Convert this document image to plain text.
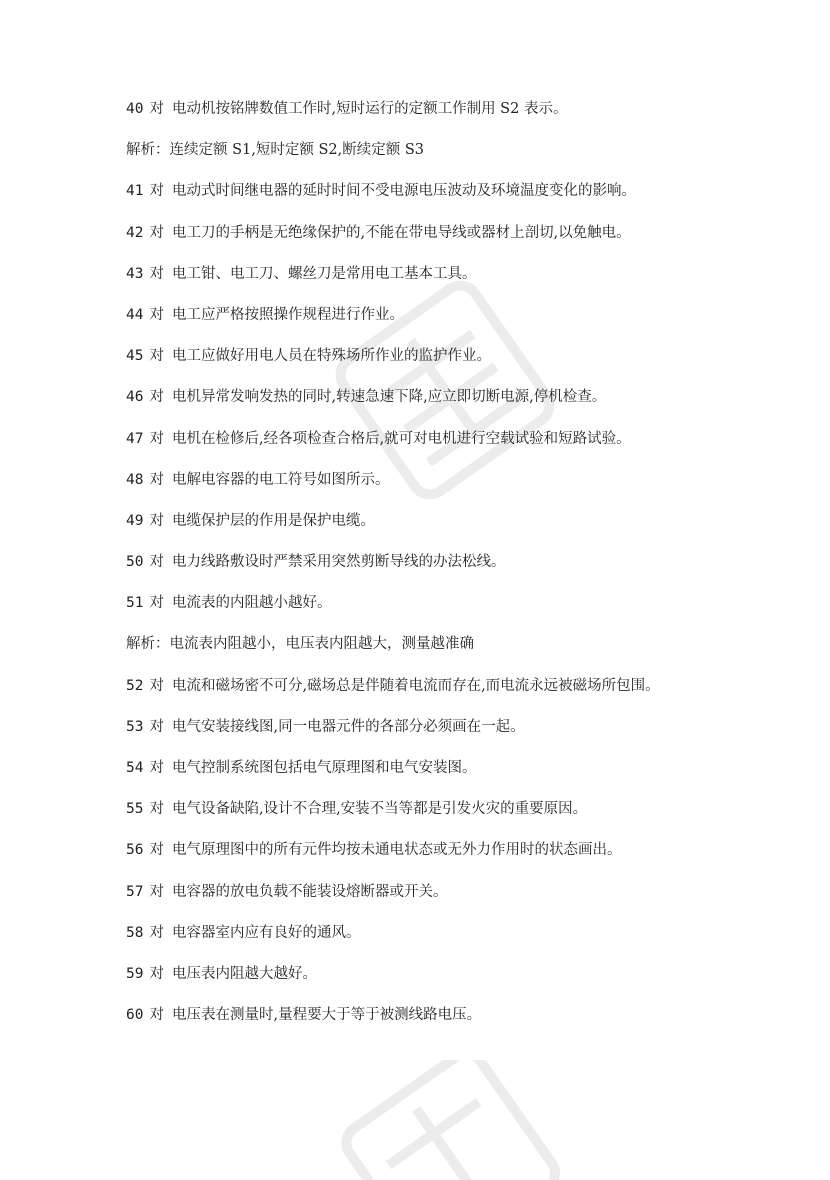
40 对 电动机按铭牌数值工作时,短时运行的定额工作制用 S2 表示。

解析：连续定额 S1,短时定额 S2,断续定额 S3

41 对 电动式时间继电器的延时时间不受电源电压波动及环境温度变化的影响。

42 对 电工刀的手柄是无绝缘保护的,不能在带电导线或器材上剖切,以免触电。

43 对 电工钳、电工刀、螺丝刀是常用电工基本工具。

44 对 电工应严格按照操作规程进行作业。

45 对 电工应做好用电人员在特殊场所作业的监护作业。

46 对 电机异常发响发热的同时,转速急速下降,应立即切断电源,停机检查。

47 对 电机在检修后,经各项检查合格后,就可对电机进行空载试验和短路试验。

48 对 电解电容器的电工符号如图所示。

49 对 电缆保护层的作用是保护电缆。

50 对 电力线路敷设时严禁采用突然剪断导线的办法松线。

51 对 电流表的内阻越小越好。

解析：电流表内阻越小，电压表内阻越大，测量越准确

52 对 电流和磁场密不可分,磁场总是伴随着电流而存在,而电流永远被磁场所包围。

53 对 电气安装接线图,同一电器元件的各部分必须画在一起。

54 对 电气控制系统图包括电气原理图和电气安装图。

55 对 电气设备缺陷,设计不合理,安装不当等都是引发火灾的重要原因。

56 对 电气原理图中的所有元件均按未通电状态或无外力作用时的状态画出。

57 对 电容器的放电负载不能装设熔断器或开关。

58 对 电容器室内应有良好的通风。

59 对 电压表内阻越大越好。

60 对 电压表在测量时,量程要大于等于被测线路电压。
